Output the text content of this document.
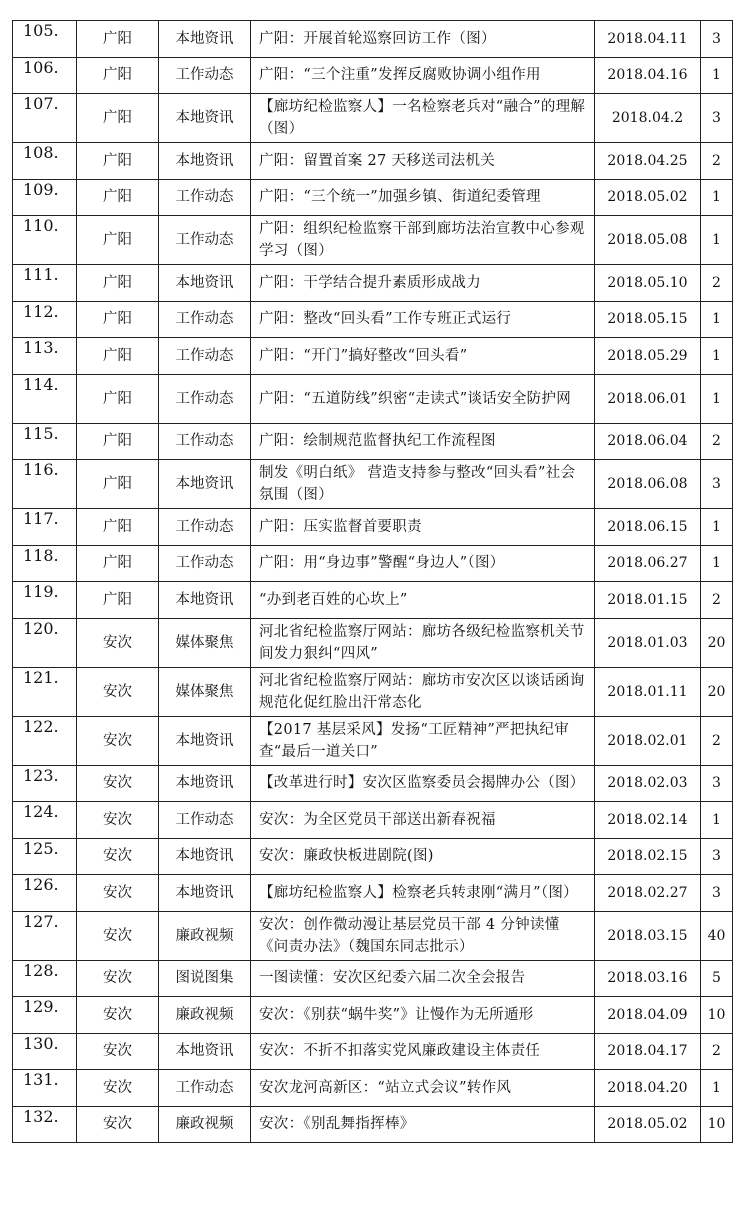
105.	广阳	本地资讯	广阳：开展首轮巡察回访工作（图）	2018.04.11	3
106.	广阳	工作动态	广阳：“三个注重”发挥反腐败协调小组作用	2018.04.16	1
107.	广阳	本地资讯	【廊坊纪检监察人】一名检察老兵对“融合”的理解（图）	2018.04.2	3
108.	广阳	本地资讯	广阳：留置首案 27 天移送司法机关	2018.04.25	2
109.	广阳	工作动态	广阳：“三个统一”加强乡镇、街道纪委管理	2018.05.02	1
110.	广阳	工作动态	广阳：组织纪检监察干部到廊坊法治宣教中心参观学习（图）	2018.05.08	1
111.	广阳	本地资讯	广阳：干学结合提升素质形成战力	2018.05.10	2
112.	广阳	工作动态	广阳：整改“回头看”工作专班正式运行	2018.05.15	1
113.	广阳	工作动态	广阳：“开门”搞好整改“回头看”	2018.05.29	1
114.	广阳	工作动态	广阳：“五道防线”织密“走读式”谈话安全防护网	2018.06.01	1
115.	广阳	工作动态	广阳：绘制规范监督执纪工作流程图	2018.06.04	2
116.	广阳	本地资讯	制发《明白纸》 营造支持参与整改“回头看”社会氛围（图）	2018.06.08	3
117.	广阳	工作动态	广阳：压实监督首要职责	2018.06.15	1
118.	广阳	工作动态	广阳：用“身边事”警醒“身边人”（图）	2018.06.27	1
119.	广阳	本地资讯	“办到老百姓的心坎上”	2018.01.15	2
120.	安次	媒体聚焦	河北省纪检监察厅网站：廊坊各级纪检监察机关节间发力狠纠“四风”	2018.01.03	20
121.	安次	媒体聚焦	河北省纪检监察厅网站：廊坊市安次区以谈话函询规范化促红脸出汗常态化	2018.01.11	20
122.	安次	本地资讯	【2017 基层采风】发扬“工匠精神”严把执纪审查“最后一道关口”	2018.02.01	2
123.	安次	本地资讯	【改革进行时】安次区监察委员会揭牌办公（图）	2018.02.03	3
124.	安次	工作动态	安次：为全区党员干部送出新春祝福	2018.02.14	1
125.	安次	本地资讯	安次：廉政快板进剧院(图)	2018.02.15	3
126.	安次	本地资讯	【廊坊纪检监察人】检察老兵转隶刚“满月”（图）	2018.02.27	3
127.	安次	廉政视频	安次：创作微动漫让基层党员干部 4 分钟读懂《问责办法》（魏国东同志批示）	2018.03.15	40
128.	安次	图说图集	一图读懂：安次区纪委六届二次全会报告	2018.03.16	5
129.	安次	廉政视频	安次：《别获“蜗牛奖”》让慢作为无所遁形	2018.04.09	10
130.	安次	本地资讯	安次：不折不扣落实党风廉政建设主体责任	2018.04.17	2
131.	安次	工作动态	安次龙河高新区：“站立式会议”转作风	2018.04.20	1
132.	安次	廉政视频	安次：《别乱舞指挥棒》	2018.05.02	10
